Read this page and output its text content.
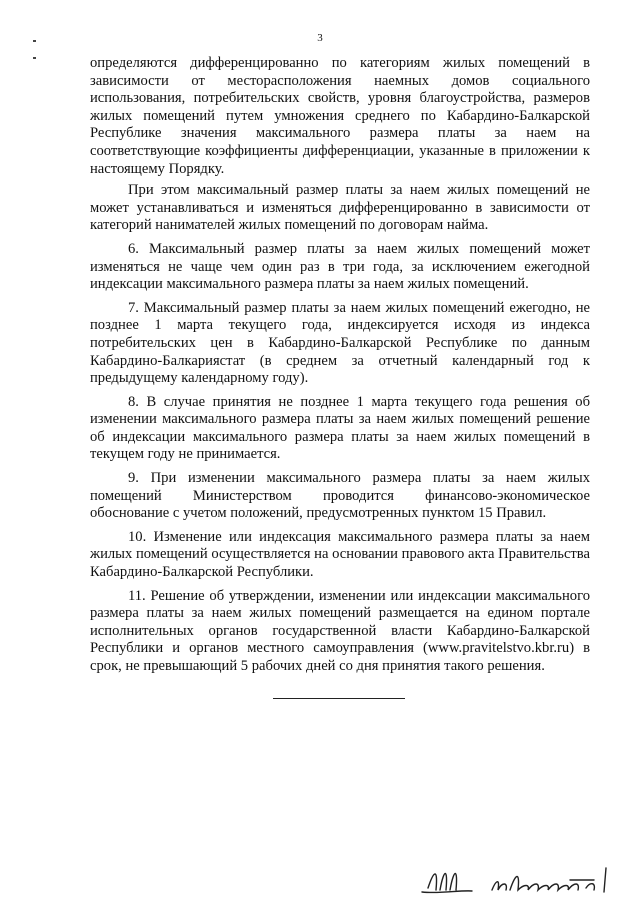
3

определяются дифференцированно по категориям жилых помещений в зависимости от месторасположения наемных домов социального использования, потребительских свойств, уровня благоустройства, размеров жилых помещений путем умножения среднего по Кабардино-Балкарской Республике значения максимального размера платы за наем на соответствующие коэффициенты дифференциации, указанные в приложении к настоящему Порядку.

При этом максимальный размер платы за наем жилых помещений не может устанавливаться и изменяться дифференцированно в зависимости от категорий нанимателей жилых помещений по договорам найма.

6. Максимальный размер платы за наем жилых помещений может изменяться не чаще чем один раз в три года, за исключением ежегодной индексации максимального размера платы за наем жилых помещений.

7. Максимальный размер платы за наем жилых помещений ежегодно, не позднее 1 марта текущего года, индексируется исходя из индекса потребительских цен в Кабардино-Балкарской Республике по данным Кабардино-Балкариястат (в среднем за отчетный календарный год к предыдущему календарному году).

8. В случае принятия не позднее 1 марта текущего года решения об изменении максимального размера платы за наем жилых помещений решение об индексации максимального размера платы за наем жилых помещений в текущем году не принимается.

9. При изменении максимального размера платы за наем жилых помещений Министерством проводится финансово-экономическое обоснование с учетом положений, предусмотренных пунктом 15 Правил.

10. Изменение или индексация максимального размера платы за наем жилых помещений осуществляется на основании правового акта Правительства Кабардино-Балкарской Республики.

11. Решение об утверждении, изменении или индексации максимального размера платы за наем жилых помещений размещается на едином портале исполнительных органов государственной власти Кабардино-Балкарской Республики и органов местного самоуправления (www.pravitelstvo.kbr.ru) в срок, не превышающий 5 рабочих дней со дня принятия такого решения.
